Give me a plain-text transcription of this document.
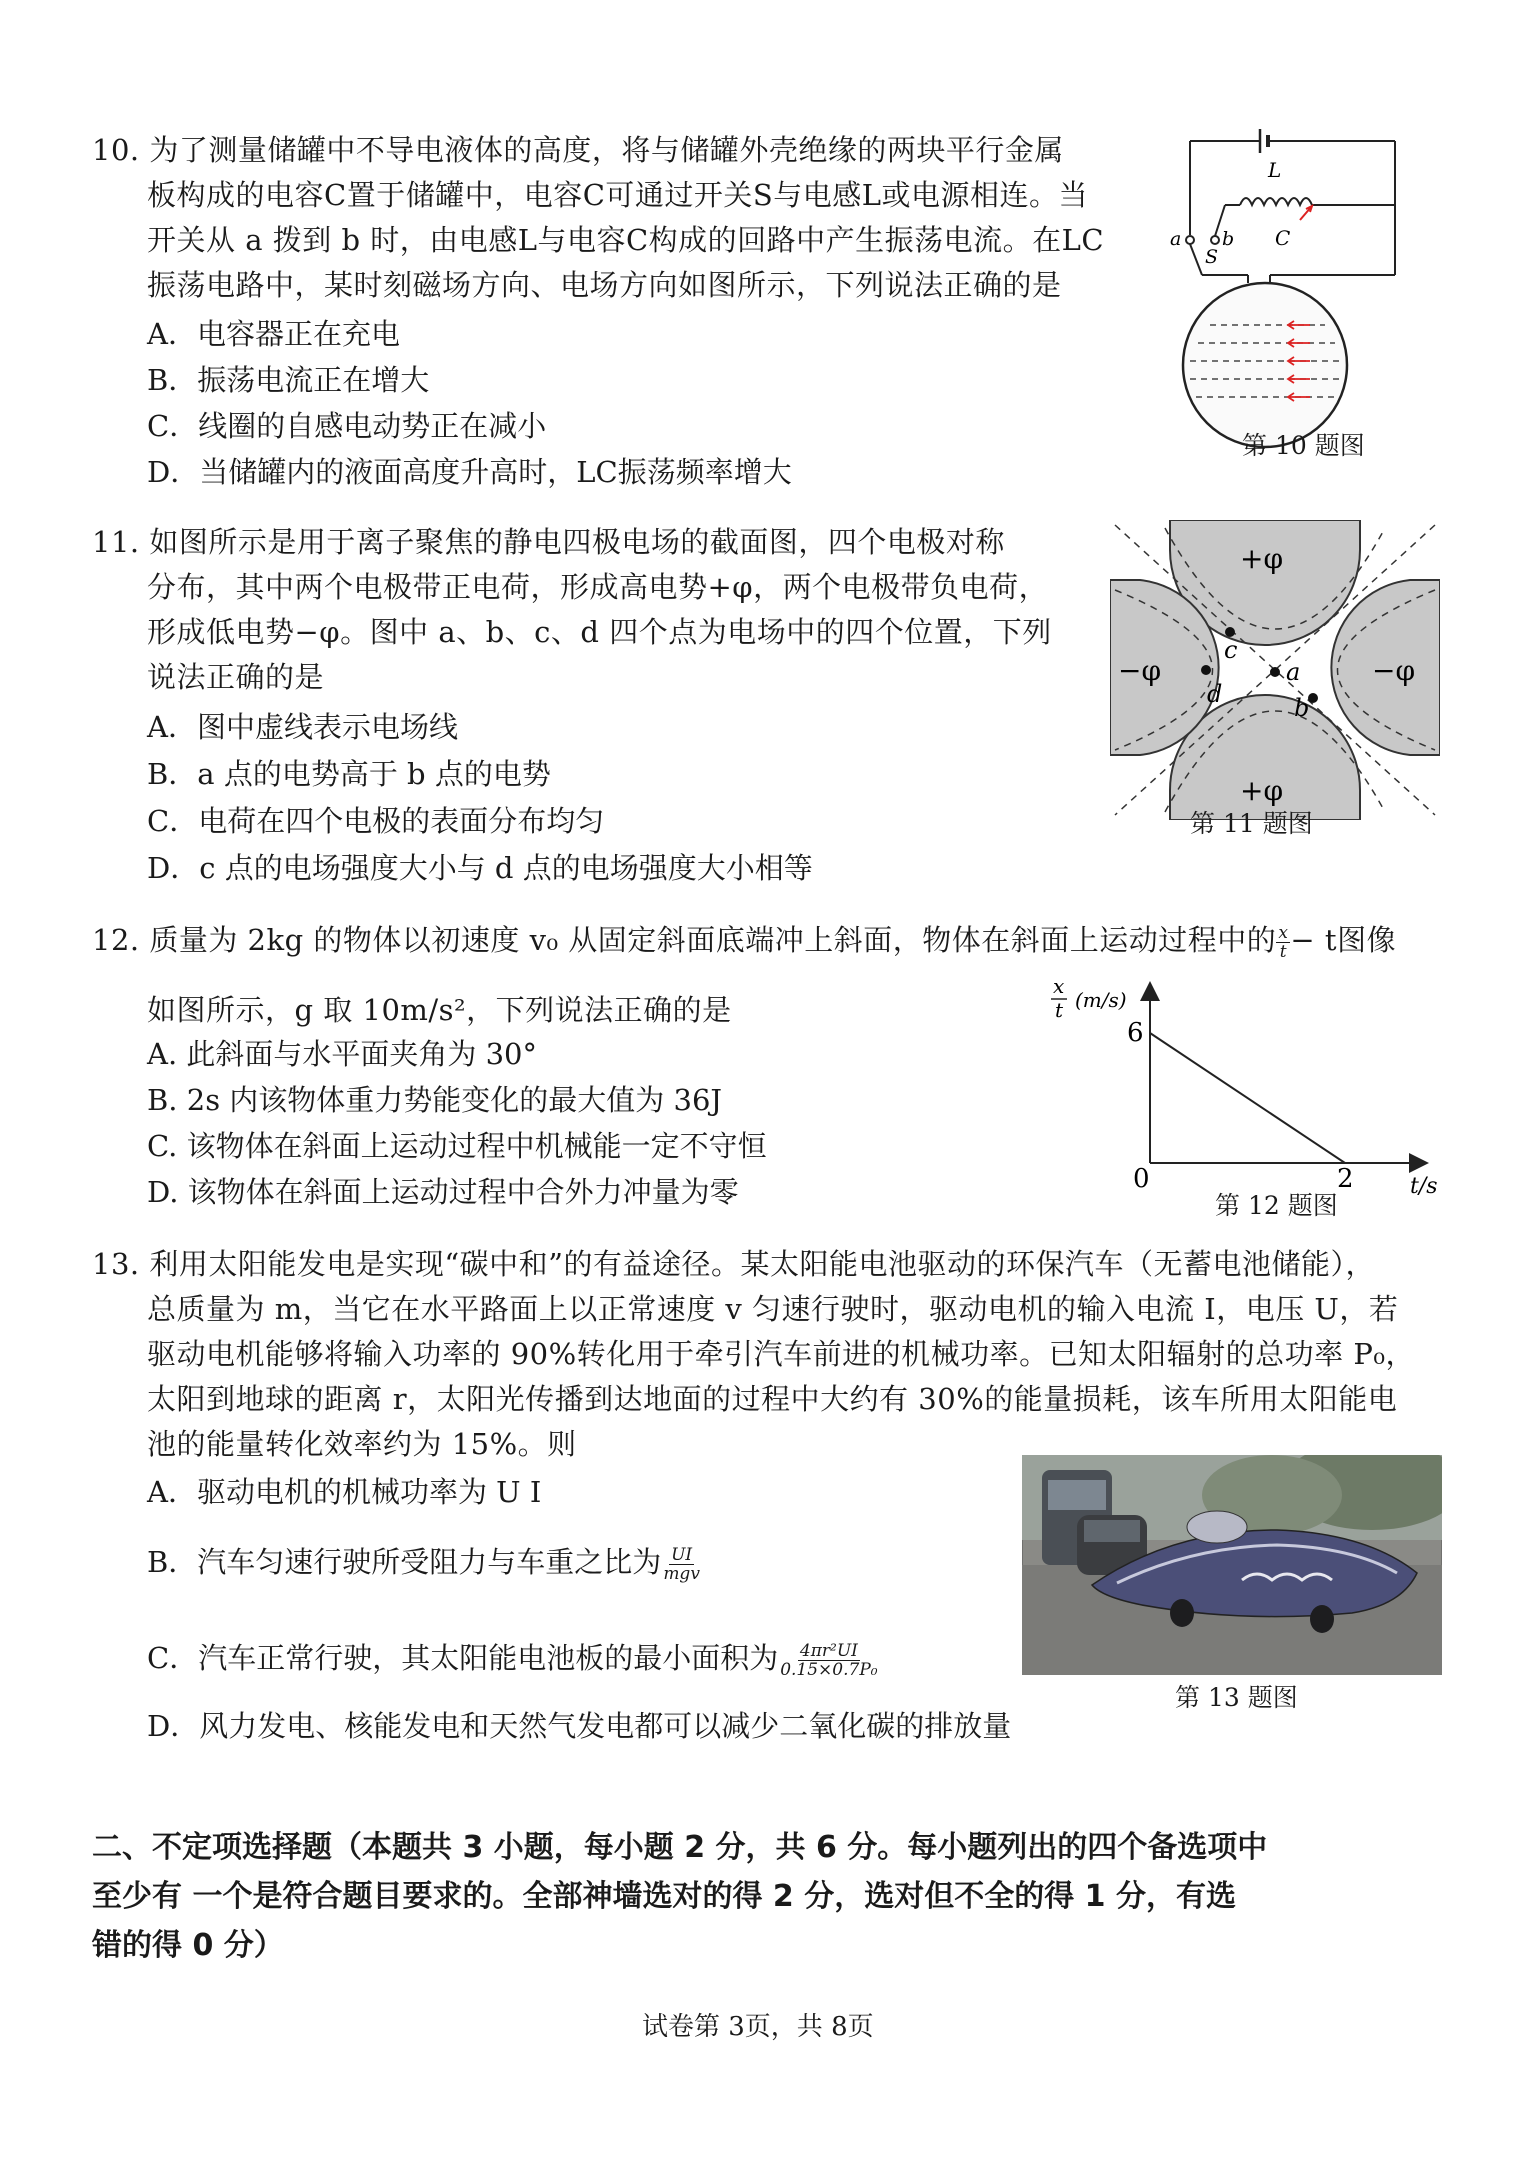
10. 为了测量储罐中不导电液体的高度，将与储罐外壳绝缘的两块平行金属
板构成的电容C置于储罐中，电容C可通过开关S与电感L或电源相连。当
开关从 a 拨到 b 时，由电感L与电容C构成的回路中产生振荡电流。在LC
振荡电路中，某时刻磁场方向、电场方向如图所示，下列说法正确的是
A．电容器正在充电
B．振荡电流正在增大
C．线圈的自感电动势正在减小
D．当储罐内的液面高度升高时，LC振荡频率增大
L
a b
S
C
第 10 题图
11. 如图所示是用于离子聚焦的静电四极电场的截面图，四个电极对称
分布，其中两个电极带正电荷，形成高电势+φ，两个电极带负电荷，
形成低电势−φ。图中 a、b、c、d 四个点为电场中的四个位置，下列
说法正确的是
A．图中虚线表示电场线
B．a 点的电势高于 b 点的电势
C．电荷在四个电极的表面分布均匀
D．c 点的电场强度大小与 d 点的电场强度大小相等
+φ
+φ
−φ	−φ
c
a
d	b
第 11 题图
12. 质量为 2kg 的物体以初速度 v₀ 从固定斜面底端冲上斜面，物体在斜面上运动过程中的 $\frac{x}{t} - t$图像
如图所示，g 取 10m/s²，下列说法正确的是
A. 此斜面与水平面夹角为 30°
B. 2s 内该物体重力势能变化的最大值为 36J
C. 该物体在斜面上运动过程中机械能一定不守恒
D. 该物体在斜面上运动过程中合外力冲量为零
x
t (m/s)
6
0	2	t/s
第 12 题图
13. 利用太阳能发电是实现“碳中和”的有益途径。某太阳能电池驱动的环保汽车（无蓄电池储能），
总质量为 m，当它在水平路面上以正常速度 v 匀速行驶时，驱动电机的输入电流 I，电压 U，若
驱动电机能够将输入功率的 90%转化用于牵引汽车前进的机械功率。已知太阳辐射的总功率 P₀，
太阳到地球的距离 r，太阳光传播到达地面的过程中大约有 30%的能量损耗，该车所用太阳能电
池的能量转化效率约为 15%。则
A．驱动电机的机械功率为 U I
B．汽车匀速行驶所受阻力与车重之比为 $\frac{UI}{\text{mgv}}$
C．汽车正常行驶，其太阳能电池板的最小面积为 $\frac{\text{4πr²UI}}{\text{0.15×0.7P₀}}$
D．风力发电、核能发电和天然气发电都可以减少二氧化碳的排放量
第 13 题图
二、不定项选择题（本题共 3 小题，每小题 2 分，共 6 分。每小题列出的四个备选项中
至少有 一个是符合题目要求的。全部神墙选对的得 2 分，选对但不全的得 1 分，有选
错的得 0 分）
试卷第 3页，共 8页
